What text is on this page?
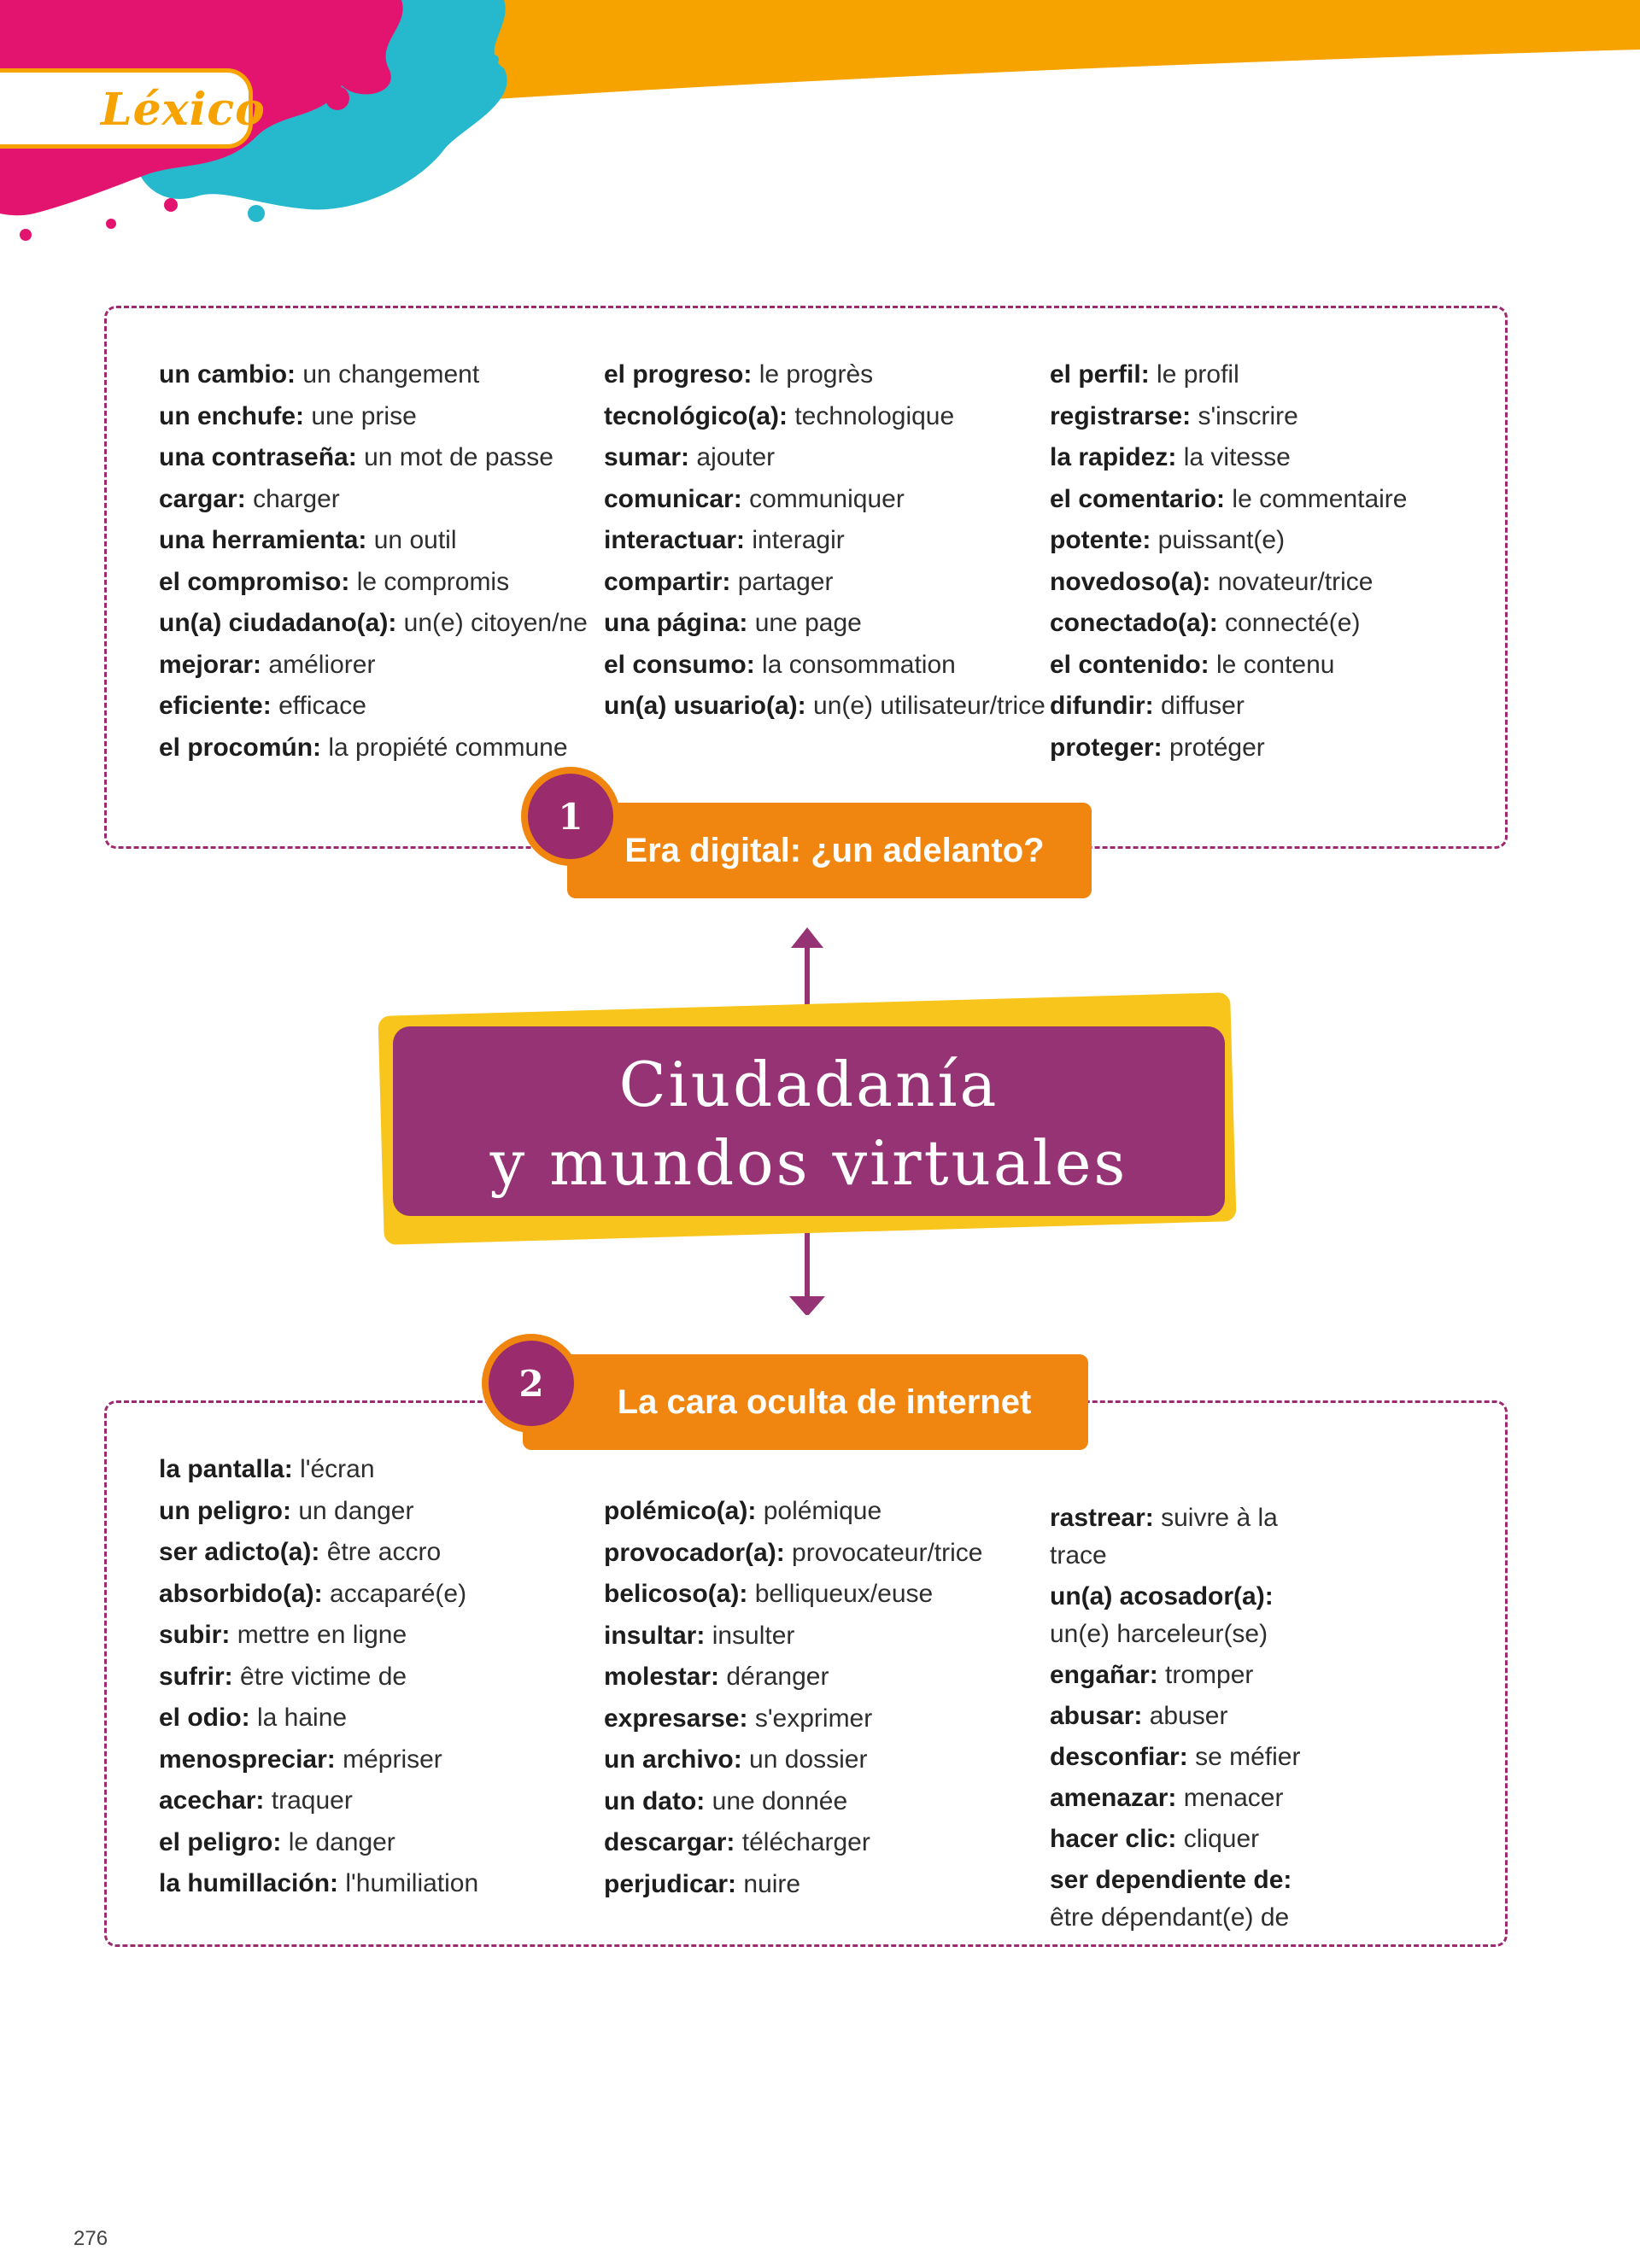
Léxico
un cambio: un changement
un enchufe: une prise
una contraseña: un mot de passe
cargar: charger
una herramienta: un outil
el compromiso: le compromis
un(a) ciudadano(a): un(e) citoyen/ne
mejorar: améliorer
eficiente: efficace
el procomún: la propiété commune
el progreso: le progrès
tecnológico(a): technologique
sumar: ajouter
comunicar: communiquer
interactuar: interagir
compartir: partager
una página: une page
el consumo: la consommation
un(a) usuario(a): un(e) utilisateur/trice
el perfil: le profil
registrarse: s'inscrire
la rapidez: la vitesse
el comentario: le commentaire
potente: puissant(e)
novedoso(a): novateur/trice
conectado(a): connecté(e)
el contenido: le contenu
difundir: diffuser
proteger: protéger
Era digital: ¿un adelanto?
1
Ciudadanía
y mundos virtuales
la pantalla: l'écran
un peligro: un danger
ser adicto(a): être accro
absorbido(a): accaparé(e)
subir: mettre en ligne
sufrir: être victime de
el odio: la haine
menospreciar: mépriser
acechar: traquer
el peligro: le danger
la humillación: l'humiliation
polémico(a): polémique
provocador(a): provocateur/trice
belicoso(a): belliqueux/euse
insultar: insulter
molestar: déranger
expresarse: s'exprimer
un archivo: un dossier
un dato: une donnée
descargar: télécharger
perjudicar: nuire
rastrear: suivre à la trace
un(a) acosador(a): un(e) harceleur(se)
engañar: tromper
abusar: abuser
desconfiar: se méfier
amenazar: menacer
hacer clic: cliquer
ser dependiente de: être dépendant(e) de
La cara oculta de internet
2
276
